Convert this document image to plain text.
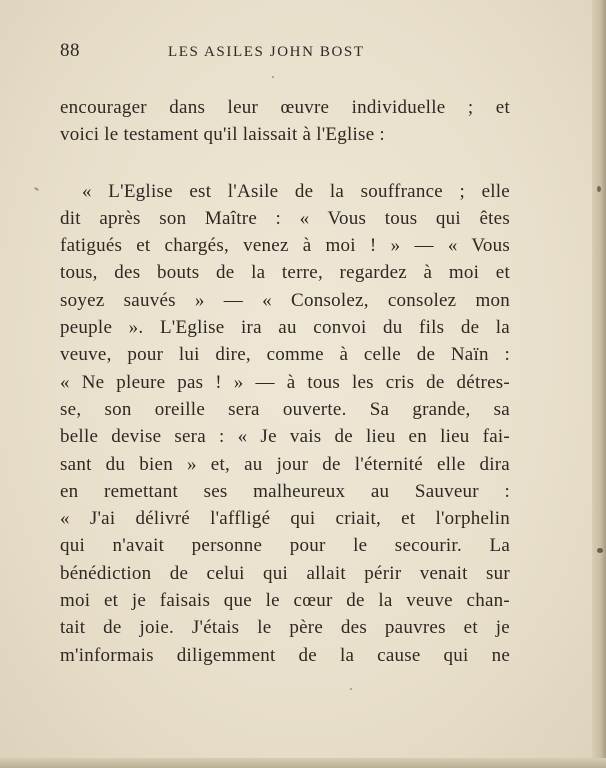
88	LES ASILES JOHN BOST
encourager dans leur œuvre individuelle ; et
voici le testament qu'il laissait à l'Eglise :
« L'Eglise est l'Asile de la souffrance ; elle
dit après son Maître : « Vous tous qui êtes
fatigués et chargés, venez à moi ! » — « Vous
tous, des bouts de la terre, regardez à moi et
soyez sauvés » — « Consolez, consolez mon
peuple ». L'Eglise ira au convoi du fils de la
veuve, pour lui dire, comme à celle de Naïn :
« Ne pleure pas ! » — à tous les cris de détres-
se, son oreille sera ouverte. Sa grande, sa
belle devise sera : « Je vais de lieu en lieu fai-
sant du bien » et, au jour de l'éternité elle dira
en remettant ses malheureux au Sauveur :
« J'ai délivré l'affligé qui criait, et l'orphelin
qui n'avait personne pour le secourir. La
bénédiction de celui qui allait périr venait sur
moi et je faisais que le cœur de la veuve chan-
tait de joie. J'étais le père des pauvres et je
m'informais diligemment de la cause qui ne
